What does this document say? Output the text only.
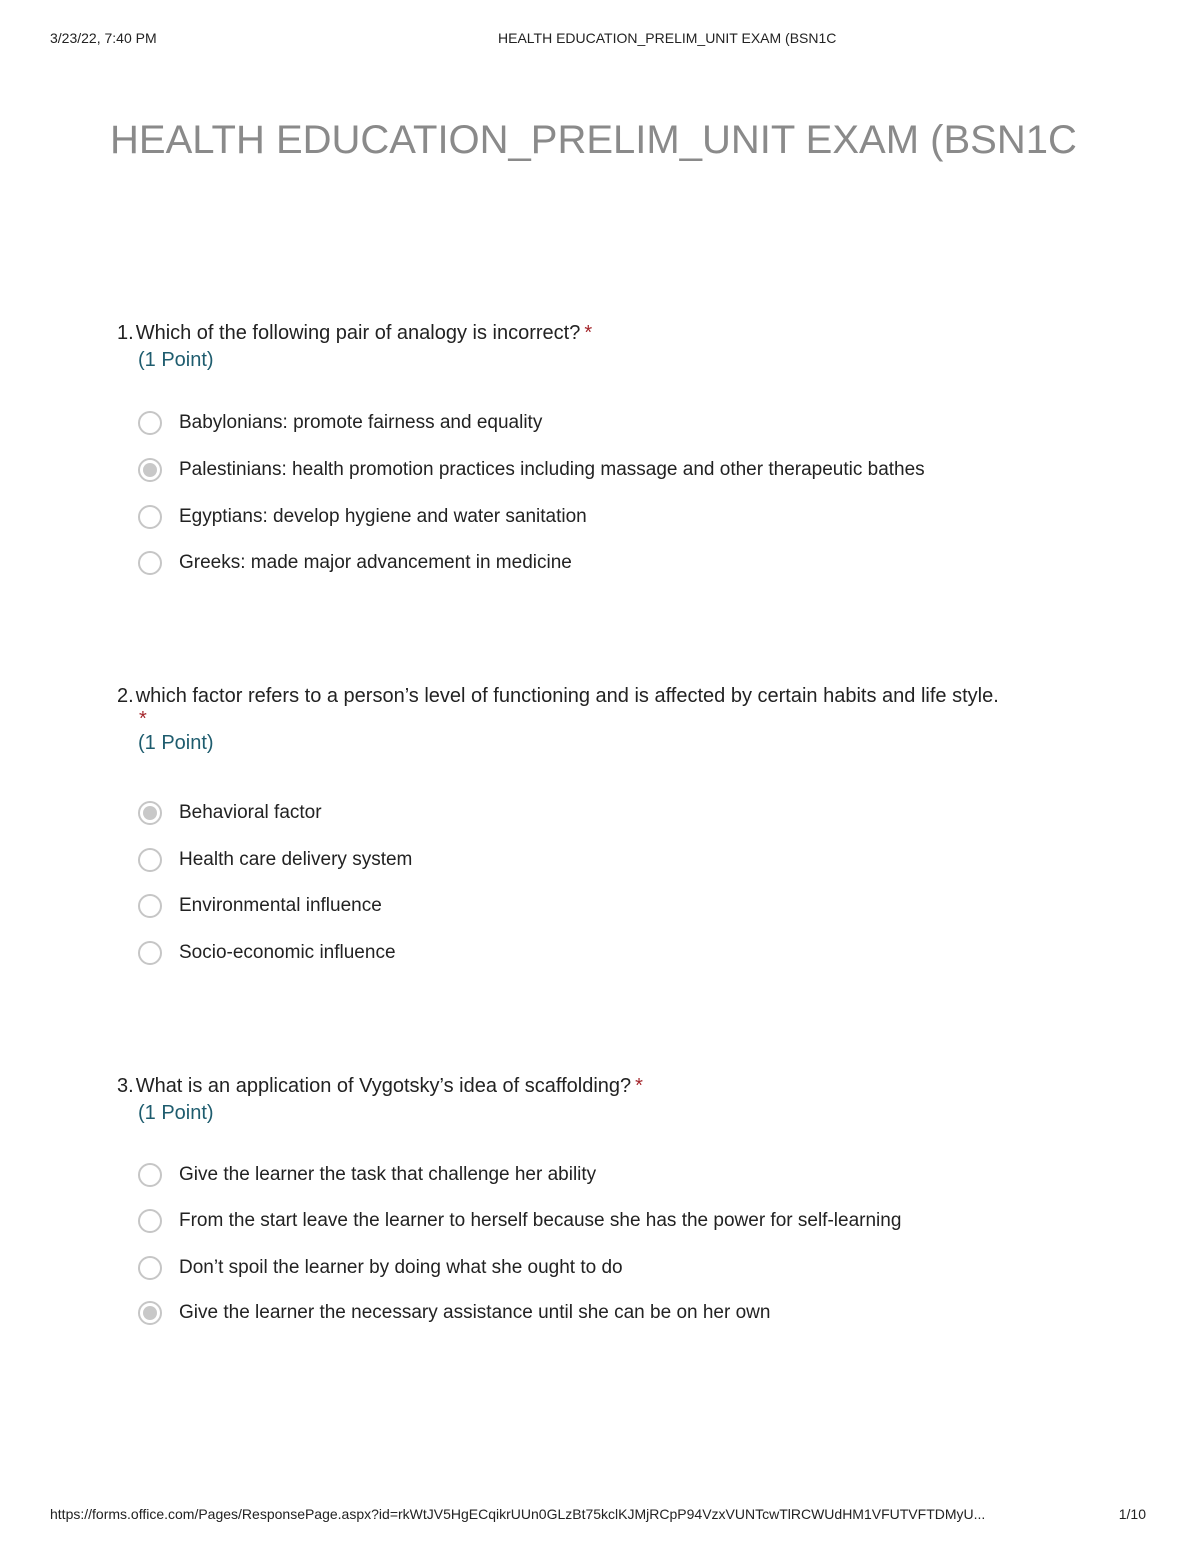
3/23/22, 7:40 PM	HEALTH EDUCATION_PRELIM_UNIT EXAM (BSN1C
HEALTH EDUCATION_PRELIM_UNIT EXAM (BSN1C

1. Which of the following pair of analogy is incorrect? *

(1 Point)
Babylonians: promote fairness and equality
Palestinians: health promotion practices including massage and other therapeutic bathes
Egyptians: develop hygiene and water sanitation
Greeks: made major advancement in medicine

2. which factor refers to a person’s level of functioning and is affected by certain habits and life style.

*
(1 Point)
Behavioral factor
Health care delivery system
Environmental influence
Socio-economic influence

3. What is an application of Vygotsky’s idea of scaffolding? *

(1 Point)
Give the learner the task that challenge her ability
From the start leave the learner to herself because she has the power for self-learning
Don’t spoil the learner by doing what she ought to do
Give the learner the necessary assistance until she can be on her own
https://forms.office.com/Pages/ResponsePage.aspx?id=rkWtJV5HgECqikrUUn0GLzBt75kclKJMjRCpP94VzxVUNTcwTlRCWUdHM1VFUTVFTDMyU...	1/10
